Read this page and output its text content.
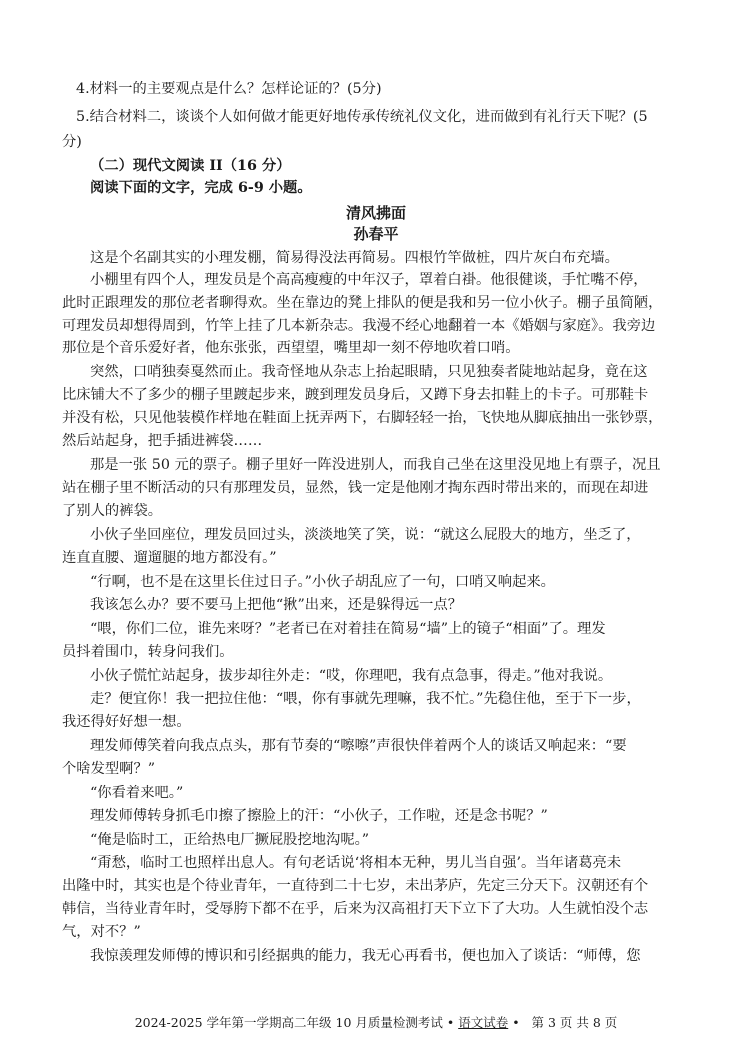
4.材料一的主要观点是什么？怎样论证的？(5分)
5.结合材料二，谈谈个人如何做才能更好地传承传统礼仪文化，进而做到有礼行天下呢？(5
分)
（二）现代文阅读 II（16 分）
阅读下面的文字，完成 6-9 小题。
清风拂面
孙春平
这是个名副其实的小理发棚，简易得没法再简易。四根竹竿做桩，四片灰白布充墙。
小棚里有四个人，理发员是个高高瘦瘦的中年汉子，罩着白褂。他很健谈，手忙嘴不停，
此时正跟理发的那位老者聊得欢。坐在靠边的凳上排队的便是我和另一位小伙子。棚子虽简陋，
可理发员却想得周到，竹竿上挂了几本新杂志。我漫不经心地翻着一本《婚姻与家庭》。我旁边
那位是个音乐爱好者，他东张张，西望望，嘴里却一刻不停地吹着口哨。
突然，口哨独奏戛然而止。我奇怪地从杂志上抬起眼睛，只见独奏者陡地站起身，竟在这
比床铺大不了多少的棚子里踱起步来，踱到理发员身后，又蹲下身去扣鞋上的卡子。可那鞋卡
并没有松，只见他装模作样地在鞋面上抚弄两下，右脚轻轻一抬，飞快地从脚底抽出一张钞票，
然后站起身，把手插进裤袋……
那是一张 50 元的票子。棚子里好一阵没进别人，而我自己坐在这里没见地上有票子，况且
站在棚子里不断活动的只有那理发员，显然，钱一定是他刚才掏东西时带出来的，而现在却进
了别人的裤袋。
小伙子坐回座位，理发员回过头，淡淡地笑了笑，说：“就这么屁股大的地方，坐乏了，
连直直腰、遛遛腿的地方都没有。”
“行啊，也不是在这里长住过日子。”小伙子胡乱应了一句，口哨又响起来。
我该怎么办？要不要马上把他“揪”出来，还是躲得远一点？
“喂，你们二位，谁先来呀？”老者已在对着挂在简易“墙”上的镜子“相面”了。理发
员抖着围巾，转身问我们。
小伙子慌忙站起身，拔步却往外走：“哎，你理吧，我有点急事，得走。”他对我说。
走？便宜你！我一把拉住他：“喂，你有事就先理嘛，我不忙。”先稳住他，至于下一步，
我还得好好想一想。
理发师傅笑着向我点点头，那有节奏的“嚓嚓”声很快伴着两个人的谈话又响起来：“要
个啥发型啊？”
“你看着来吧。”
理发师傅转身抓毛巾擦了擦脸上的汗：“小伙子，工作啦，还是念书呢？”
“俺是临时工，正给热电厂撅屁股挖地沟呢。”
“甭愁，临时工也照样出息人。有句老话说‘将相本无种，男儿当自强’。当年诸葛亮未
出隆中时，其实也是个待业青年，一直待到二十七岁，未出茅庐，先定三分天下。汉朝还有个
韩信，当待业青年时，受辱胯下都不在乎，后来为汉高祖打天下立下了大功。人生就怕没个志
气，对不？”
我惊羡理发师傅的博识和引经据典的能力，我无心再看书，便也加入了谈话：“师傅，您
2024-2025 学年第一学期高二年级 10 月质量检测考试 • 语文试卷 •   第 3 页 共 8 页
